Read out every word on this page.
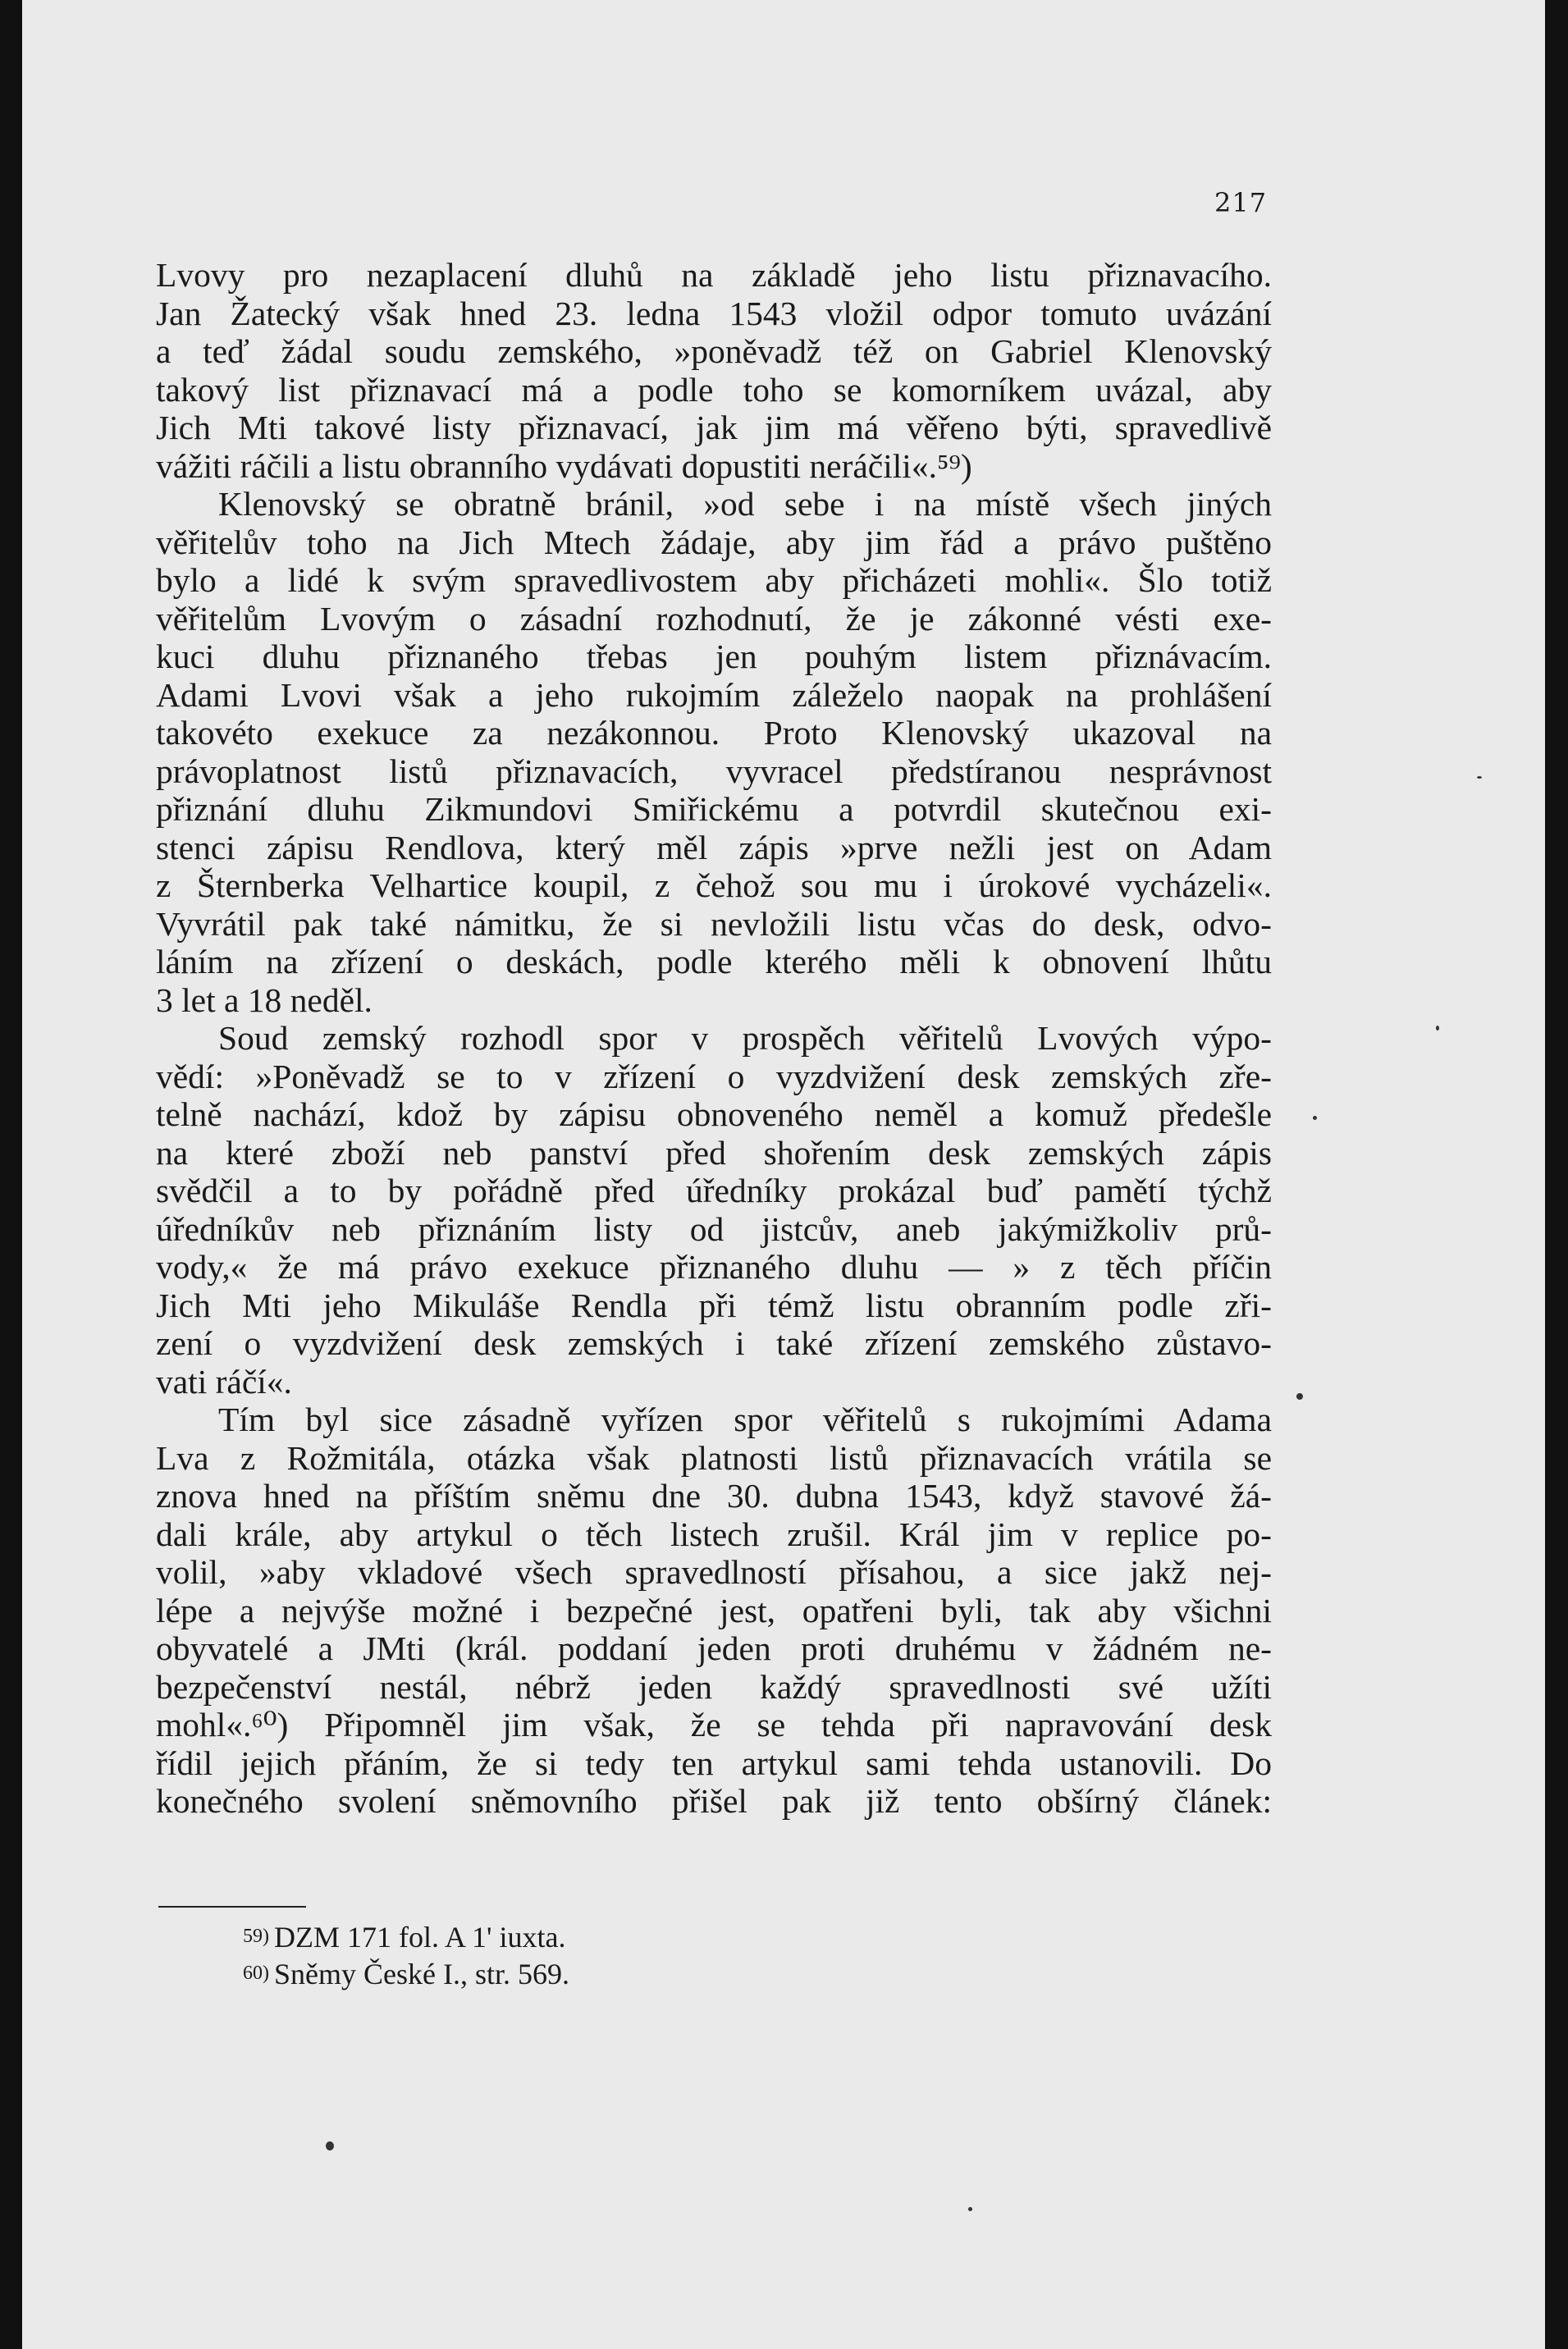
217
Lvovy pro nezaplacení dluhů na základě jeho listu přiznavacího.
Jan Žatecký však hned 23. ledna 1543 vložil odpor tomuto uvázání
a teď žádal soudu zemského, »poněvadž též on Gabriel Klenovský
takový list přiznavací má a podle toho se komorníkem uvázal, aby
Jich Mti takové listy přiznavací, jak jim má věřeno býti, spravedlivě
vážiti ráčili a listu obranního vydávati dopustiti neráčili«.⁵⁹)
Klenovský se obratně bránil, »od sebe i na místě všech jiných
věřitelův toho na Jich Mtech žádaje, aby jim řád a právo puštěno
bylo a lidé k svým spravedlivostem aby přicházeti mohli«. Šlo totiž
věřitelům Lvovým o zásadní rozhodnutí, že je zákonné vésti exe-
kuci dluhu přiznaného třebas jen pouhým listem přiznávacím.
Adami Lvovi však a jeho rukojmím záleželo naopak na prohlášení
takovéto exekuce za nezákonnou. Proto Klenovský ukazoval na
právoplatnost listů přiznavacích, vyvracel předstíranou nesprávnost
přiznání dluhu Zikmundovi Smiřickému a potvrdil skutečnou exi-
stenci zápisu Rendlova, který měl zápis »prve nežli jest on Adam
z Šternberka Velhartice koupil, z čehož sou mu i úrokové vycházeli«.
Vyvrátil pak také námitku, že si nevložili listu včas do desk, odvo-
láním na zřízení o deskách, podle kterého měli k obnovení lhůtu
3 let a 18 neděl.
Soud zemský rozhodl spor v prospěch věřitelů Lvových výpo-
vědí: »Poněvadž se to v zřízení o vyzdvižení desk zemských zře-
telně nachází, kdož by zápisu obnoveného neměl a komuž předešle
na které zboží neb panství před shořením desk zemských zápis
svědčil a to by pořádně před úředníky prokázal buď pamětí týchž
úředníkův neb přiznáním listy od jistcův, aneb jakýmižkoliv prů-
vody,« že má právo exekuce přiznaného dluhu — » z těch příčin
Jich Mti jeho Mikuláše Rendla při témž listu obranním podle zři-
zení o vyzdvižení desk zemských i také zřízení zemského zůstavo-
vati ráčí«.
Tím byl sice zásadně vyřízen spor věřitelů s rukojmími Adama
Lva z Rožmitála, otázka však platnosti listů přiznavacích vrátila se
znova hned na příštím sněmu dne 30. dubna 1543, když stavové žá-
dali krále, aby artykul o těch listech zrušil. Král jim v replice po-
volil, »aby vkladové všech spravedlností přísahou, a sice jakž nej-
lépe a nejvýše možné i bezpečné jest, opatřeni byli, tak aby všichni
obyvatelé a JMti (král. poddaní jeden proti druhému v žádném ne-
bezpečenství nestál, nébrž jeden každý spravedlnosti své užíti
mohl«.⁶⁰) Připomněl jim však, že se tehda při napravování desk
řídil jejich přáním, že si tedy ten artykul sami tehda ustanovili. Do
konečného svolení sněmovního přišel pak již tento obšírný článek:
59) DZM 171 fol. A 1' iuxta.
60) Sněmy České I., str. 569.
